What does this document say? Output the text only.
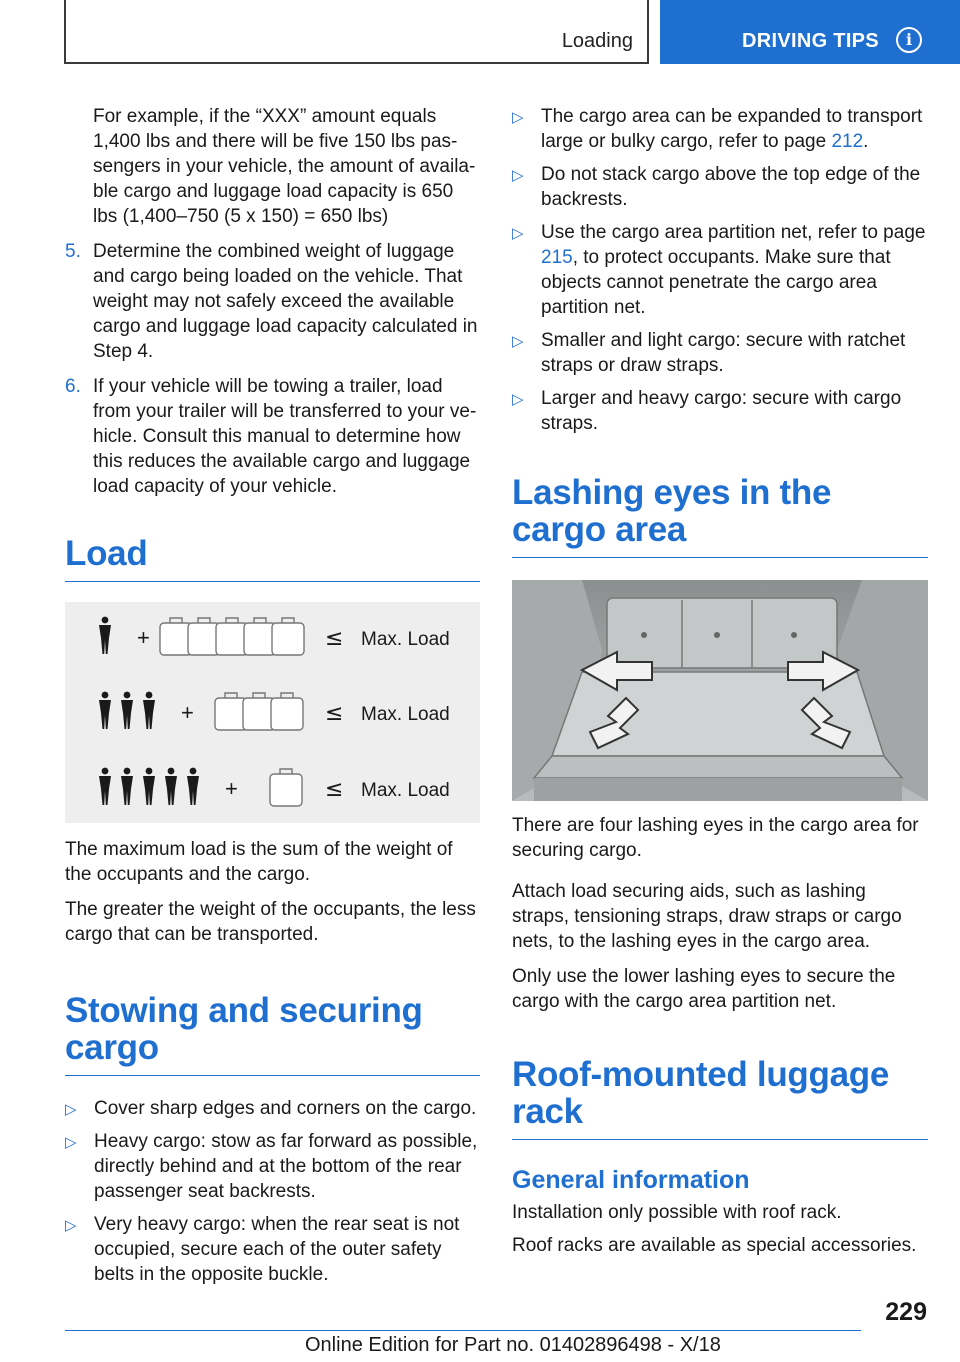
Loading	DRIVING TIPS	i

For example, if the “XXX” amount equals 1,400 lbs and there will be five 150 lbs pas-sengers in your vehicle, the amount of availa-ble cargo and luggage load capacity is 650 lbs (1,400–750 (5 x 150) = 650 lbs)

5. Determine the combined weight of luggage and cargo being loaded on the vehicle. That weight may not safely exceed the available cargo and luggage load capacity calculated in Step 4.
6. If your vehicle will be towing a trailer, load from your trailer will be transferred to your ve-hicle. Consult this manual to determine how this reduces the available cargo and luggage load capacity of your vehicle.
Load
+	≤ Max. Load
+	≤ Max. Load
+	≤ Max. Load

The maximum load is the sum of the weight of the occupants and the cargo.

The greater the weight of the occupants, the less cargo that can be transported.

Stowing and securing cargo
▷ Cover sharp edges and corners on the cargo.
▷ Heavy cargo: stow as far forward as possible, directly behind and at the bottom of the rear passenger seat backrests.
▷ Very heavy cargo: when the rear seat is not occupied, secure each of the outer safety belts in the opposite buckle.
▷ The cargo area can be expanded to transport large or bulky cargo, refer to page 212.
▷ Do not stack cargo above the top edge of the backrests.
▷ Use the cargo area partition net, refer to page 215, to protect occupants. Make sure that objects cannot penetrate the cargo area partition net.
▷ Smaller and light cargo: secure with ratchet straps or draw straps.
▷ Larger and heavy cargo: secure with cargo straps.
Lashing eyes in the cargo area

There are four lashing eyes in the cargo area for securing cargo.

Attach load securing aids, such as lashing straps, tensioning straps, draw straps or cargo nets, to the lashing eyes in the cargo area.

Only use the lower lashing eyes to secure the cargo with the cargo area partition net.

Roof-mounted luggage rack
General information

Installation only possible with roof rack.

Roof racks are available as special accessories.

229
Online Edition for Part no. 01402896498 - X/18
